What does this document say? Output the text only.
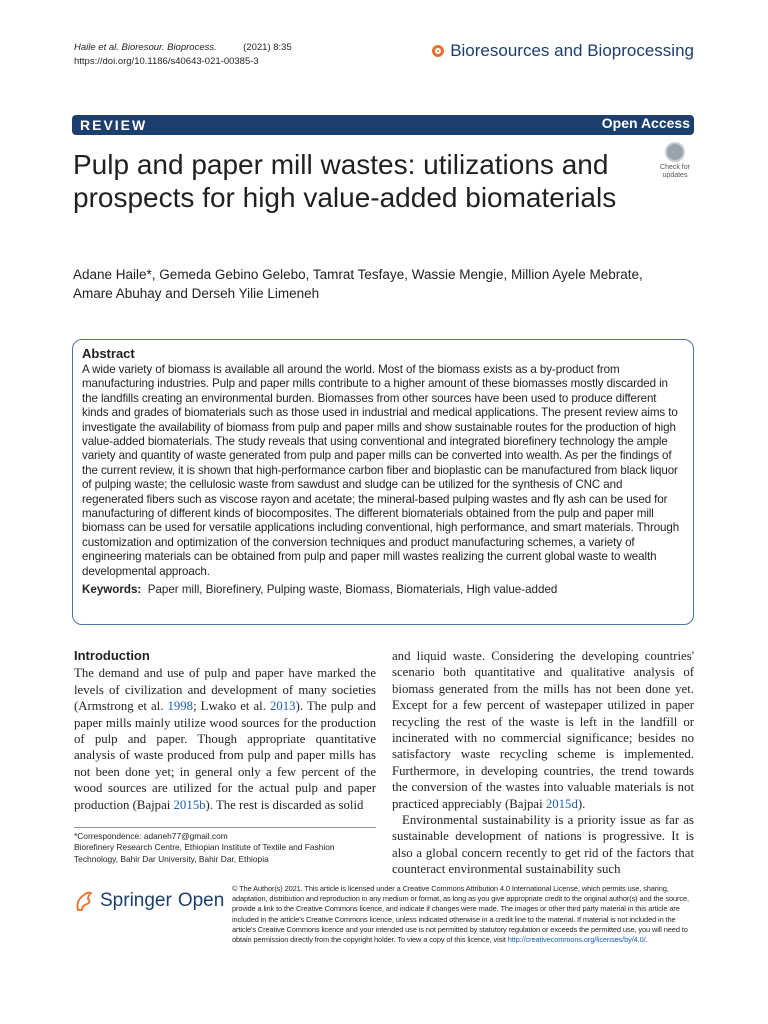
Haile et al. Bioresour. Bioprocess.	(2021) 8:35
https://doi.org/10.1186/s40643-021-00385-3
Bioresources and Bioprocessing
REVIEW	Open Access
Pulp and paper mill wastes: utilizations and prospects for high value-added biomaterials
Check for updates
Adane Haile*, Gemeda Gebino Gelebo, Tamrat Tesfaye, Wassie Mengie, Million Ayele Mebrate,
Amare Abuhay and Derseh Yilie Limeneh
Abstract
A wide variety of biomass is available all around the world. Most of the biomass exists as a by-product from manufacturing industries. Pulp and paper mills contribute to a higher amount of these biomasses mostly discarded in the landfills creating an environmental burden. Biomasses from other sources have been used to produce different kinds and grades of biomaterials such as those used in industrial and medical applications. The present review aims to investigate the availability of biomass from pulp and paper mills and show sustainable routes for the production of high value-added biomaterials. The study reveals that using conventional and integrated biorefinery technology the ample variety and quantity of waste generated from pulp and paper mills can be converted into wealth. As per the findings of the current review, it is shown that high-performance carbon fiber and bioplastic can be manufactured from black liquor of pulping waste; the cellulosic waste from sawdust and sludge can be utilized for the synthesis of CNC and regenerated fibers such as viscose rayon and acetate; the mineral-based pulping wastes and fly ash can be used for manufacturing of different kinds of biocomposites. The different biomaterials obtained from the pulp and paper mill biomass can be used for versatile applications including conventional, high performance, and smart materials. Through customization and optimization of the conversion techniques and product manufacturing schemes, a variety of engineering materials can be obtained from pulp and paper mill wastes realizing the current global waste to wealth developmental approach.
Keywords: Paper mill, Biorefinery, Pulping waste, Biomass, Biomaterials, High value-added
Introduction
The demand and use of pulp and paper have marked the levels of civilization and development of many societies (Armstrong et al. 1998; Lwako et al. 2013). The pulp and paper mills mainly utilize wood sources for the production of pulp and paper. Though appropriate quantitative analysis of waste produced from pulp and paper mills has not been done yet; in general only a few percent of the wood sources are utilized for the actual pulp and paper production (Bajpai 2015b). The rest is discarded as solid

and liquid waste. Considering the developing countries' scenario both quantitative and qualitative analysis of biomass generated from the mills has not been done yet. Except for a few percent of wastepaper utilized in paper recycling the rest of the waste is left in the landfill or incinerated with no commercial significance; besides no satisfactory waste recycling scheme is implemented. Furthermore, in developing countries, the trend towards the conversion of the wastes into valuable materials is not practiced appreciably (Bajpai 2015d).

Environmental sustainability is a priority issue as far as sustainable development of nations is progressive. It is also a global concern recently to get rid of the factors that counteract environmental sustainability such

*Correspondence: adaneh77@gmail.com
Biorefinery Research Centre, Ethiopian Institute of Textile and Fashion Technology, Bahir Dar University, Bahir Dar, Ethiopia
Springer Open
© The Author(s) 2021. This article is licensed under a Creative Commons Attribution 4.0 International License, which permits use, sharing, adaptation, distribution and reproduction in any medium or format, as long as you give appropriate credit to the original author(s) and the source, provide a link to the Creative Commons licence, and indicate if changes were made. The images or other third party material in this article are included in the article's Creative Commons licence, unless indicated otherwise in a credit line to the material. If material is not included in the article's Creative Commons licence and your intended use is not permitted by statutory regulation or exceeds the permitted use, you will need to obtain permission directly from the copyright holder. To view a copy of this licence, visit http://creativecommons.org/licenses/by/4.0/.
